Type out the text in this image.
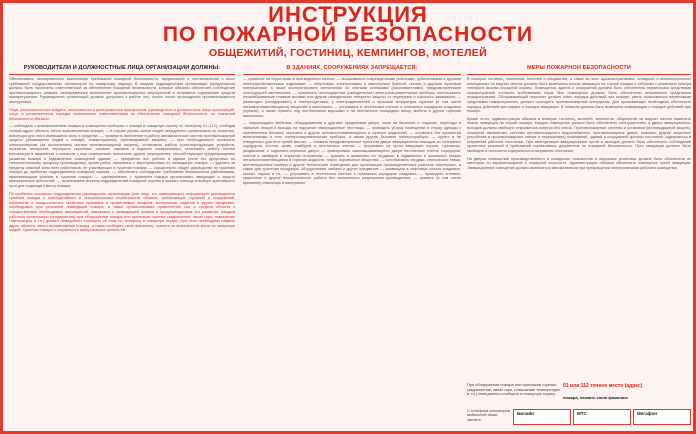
ИНСТРУКЦИЯ
ПО ПОЖАРНОЙ БЕЗОПАСНОСТИ
ОБЩЕЖИТИЙ, ГОСТИНИЦ, КЕМПИНГОВ, МОТЕЛЕЙ
РУКОВОДИТЕЛИ И ДОЛЖНОСТНЫЕ ЛИЦА ОРГАНИЗАЦИЙ ДОЛЖНЫ:
Обеспечивать своевременное выполнение требований пожарной безопасности, предписаний и постановлений и иных требований государственных инспекторов по пожарному надзору. В каждом подразделении организации (предприятия) должны быть назначены ответственные за обеспечение пожарной безопасности, которые обязаны обеспечить соблюдение противопожарного режима, своевременное выполнение противопожарных мероприятий и исправное содержание средств пожаротушения. Руководители организаций должны допускать к работе лиц только после прохождения противопожарного инструктажа.
Лица, уполномоченные владеть, пользоваться и распоряжаться имуществом, руководители и должностные лица организаций, лица, в установленном порядке назначенные ответственными за обеспечение пожарной безопасности, по пожарной безопасности обязаны:
— соблюдать с возникновением пожара в помещении сообщить о пожаре в пожарную охрану по телефону 01 (112), сообщив точный адрес объекта, место возникновения пожара; — в случае угрозы жизни людей немедленно организовать их спасение, используя для этого имеющиеся силы и средства; — проверить включение в работу автоматических систем противопожарной защиты (оповещения людей о пожаре, пожаротушения, противодымной защиты); — при необходимости отключить электроэнергию (за исключением систем противопожарной защиты), остановить работу транспортирующих устройств, агрегатов, аппаратов, перекрыть сырьевые, газовые, паровые и водяные коммуникации, остановить работу систем вентиляции в аварийном и смежном с ним помещениях, выполнить другие мероприятия, способствующие предотвращению развития пожара и задымлению помещений здания; — прекратить все работы в здании (если это допустимо по технологическому процессу производства), кроме работ, связанных с мероприятиями по ликвидации пожара; — удалить за пределы опасной зоны всех работников, не участвующих в тушении пожара; — осуществить общее руководство по тушению пожара до прибытия подразделения пожарной охраны; — обеспечить соблюдение требований безопасности работниками, принимающими участие в тушении пожара; — одновременно с тушением пожара организовать эвакуацию и защиту материальных ценностей; — организовать встречу подразделений пожарной охраны и оказать помощь в выборе кратчайшего пути для подъезда к месту пожара.
По прибытии пожарного подразделения руководитель организации (или лицо, его замещающее) информирует руководителя тушения пожара о конструктивных и технологических особенностях объекта, прилегающих строений и сооружений, количестве и пожароопасных свойствах хранимых и применяемых веществ, материалов, изделий и других сведениях, необходимых для успешной ликвидации пожара, а также организовывает привлечение сил и средств объекта к осуществлению необходимых мероприятий, связанных с ликвидацией пожара и предупреждением его развития. Каждый работник организации (предприятия) при обнаружении пожара или признаков горения (задымление, запах гари, повышение температуры и т.п.) должен немедленно сообщить об этом по телефону в пожарную охрану (при этом необходимо назвать адрес объекта, место возникновения пожара, а также сообщить свою фамилию); принять по возможности меры по эвакуации людей, тушению пожара и сохранности материальных ценностей.
В ЗДАНИЯХ, СООРУЖЕНИЯХ ЗАПРЕЩАЕТСЯ:
— хранение на территории в неотведенных местах; — пользоваться поврежденными розетками, рубильниками и другими электроустановочными изделиями; — обертывать электролампы и светильники бумагой, тканью и другими горючими материалами, а также эксплуатировать светильники со снятыми колпаками (рассеивателями), предусмотренными конструкцией светильника; — применять нестандартные (самодельные) электронагревательные приборы, использовать некалиброванные плавкие вставки или другие самодельные аппараты защиты от перегрузки и короткого замыкания; — размещать (складировать) в электрощитовых, у электродвигателей и пусковой аппаратуры горючие (в том числе легковоспламеняющиеся) вещества и материалы; — устраивать в лестничных клетках и поэтажных коридорах кладовые (чуланы), а также хранить под лестничными маршами и на лестничных площадках вещи, мебель и другие горючие материалы;
— загромождать мебелью, оборудованием и другими предметами двери, люки на балконах и лоджиях, переходы в смежные секции и выходы на наружные эвакуационные лестницы; — проводить уборку помещений и стирку одежды с применением бензина, керосина и других легковоспламеняющихся и горючих жидкостей; — оставлять без присмотра включенными в сеть электронагревательные приборы, а также другие бытовые электроприборы; — курить в не отведенных для этих целей местах; — снимать предусмотренные проектом двери эвакуационных выходов из поэтажных коридоров, холлов, фойе, тамбуров и лестничных клеток; — устраивать на путях эвакуации пороги, турникеты, раздвижные и подъемно-опускные двери; — фиксировать самозакрывающиеся двери лестничных клеток, коридоров, холлов и тамбуров в открытом положении; — хранить и применять на чердаках, в подвальных и цокольных этажах легковоспламеняющиеся и горючие жидкости, порох, взрывчатые вещества; — использовать чердаки, технические этажи, вентиляционные камеры и другие технические помещения для организации производственных участков, мастерских, а также для хранения продукции, оборудования, мебели и других предметов; — размещать в лифтовых холлах кладовые, киоски, ларьки и т.п.; — устраивать в лестничных клетках и поэтажных коридорах кладовые; — проводить огневые, сварочные и другие пожароопасные работы без письменного разрешения руководителя; — хранить (в том числе временно) инвентарь и материалы.
МЕРЫ ПОЖАРНОЙ БЕЗОПАСНОСТИ
В номерах гостиниц, кемпингов, мотелей и общежитий, а также во всех административных, складских и вспомогательных помещениях на видных местах должны быть вывешены планы эвакуации на случай пожара и таблички с указанием номера телефона вызова пожарной охраны. Помещения, здания и сооружения должны быть обеспечены первичными средствами пожаротушения согласно требованиям норм. Все помещения должны быть обеспечены исправными средствами пожаротушения. Обслуживающий персонал должен знать порядок действий при пожаре, уметь пользоваться первичными средствами пожаротушения, должен проходить противопожарный инструктаж. Для проживающих необходимо обеспечить порядок действий при пожаре и порядок эвакуации. В номерах должна быть вывешена информация о порядке действий при пожаре.
Кроме этого, администрация обязана в номерах гостиниц, мотелей, кемпингов, общежитий на видных местах вывесить планы эвакуации на случай пожара. Каждое помещение должно быть обеспечено огнетушителем, а двери эвакуационных выходов должны свободно открываться изнутри без ключа. Противопожарные системы и установки (противодымной защиты, пожарной автоматики, системы противопожарного водоснабжения, противопожарные двери, клапаны, другие защитные устройства в противопожарных стенах и перекрытиях) помещений, зданий и сооружений должны постоянно содержаться в исправном рабочем состоянии. При эксплуатации эвакуационных путей и выходов должно быть обеспечено соблюдение проектных решений и требований нормативных документов по пожарной безопасности. Пути эвакуации должны быть свободны и постоянно содержаться в исправном состоянии.
На дверях помещений производственного и складского назначения и наружных установок должна быть обозначена их категория по взрывопожарной и пожарной опасности. Администрация обязана обеспечить освещение путей эвакуации. Эвакуационное освещение должно включаться автоматически при прекращении электропитания рабочего освещения.
При обнаружении пожара или признаков горения (задымление, запах гари, повышение температуры и т.п.) немедленно сообщить в пожарную охрану
01 или 112 точное место (адрес)
пожара, назвать свою фамилию
С телефона операторов мобильной связи звонить:
Билайн	МТС	Мегафон
